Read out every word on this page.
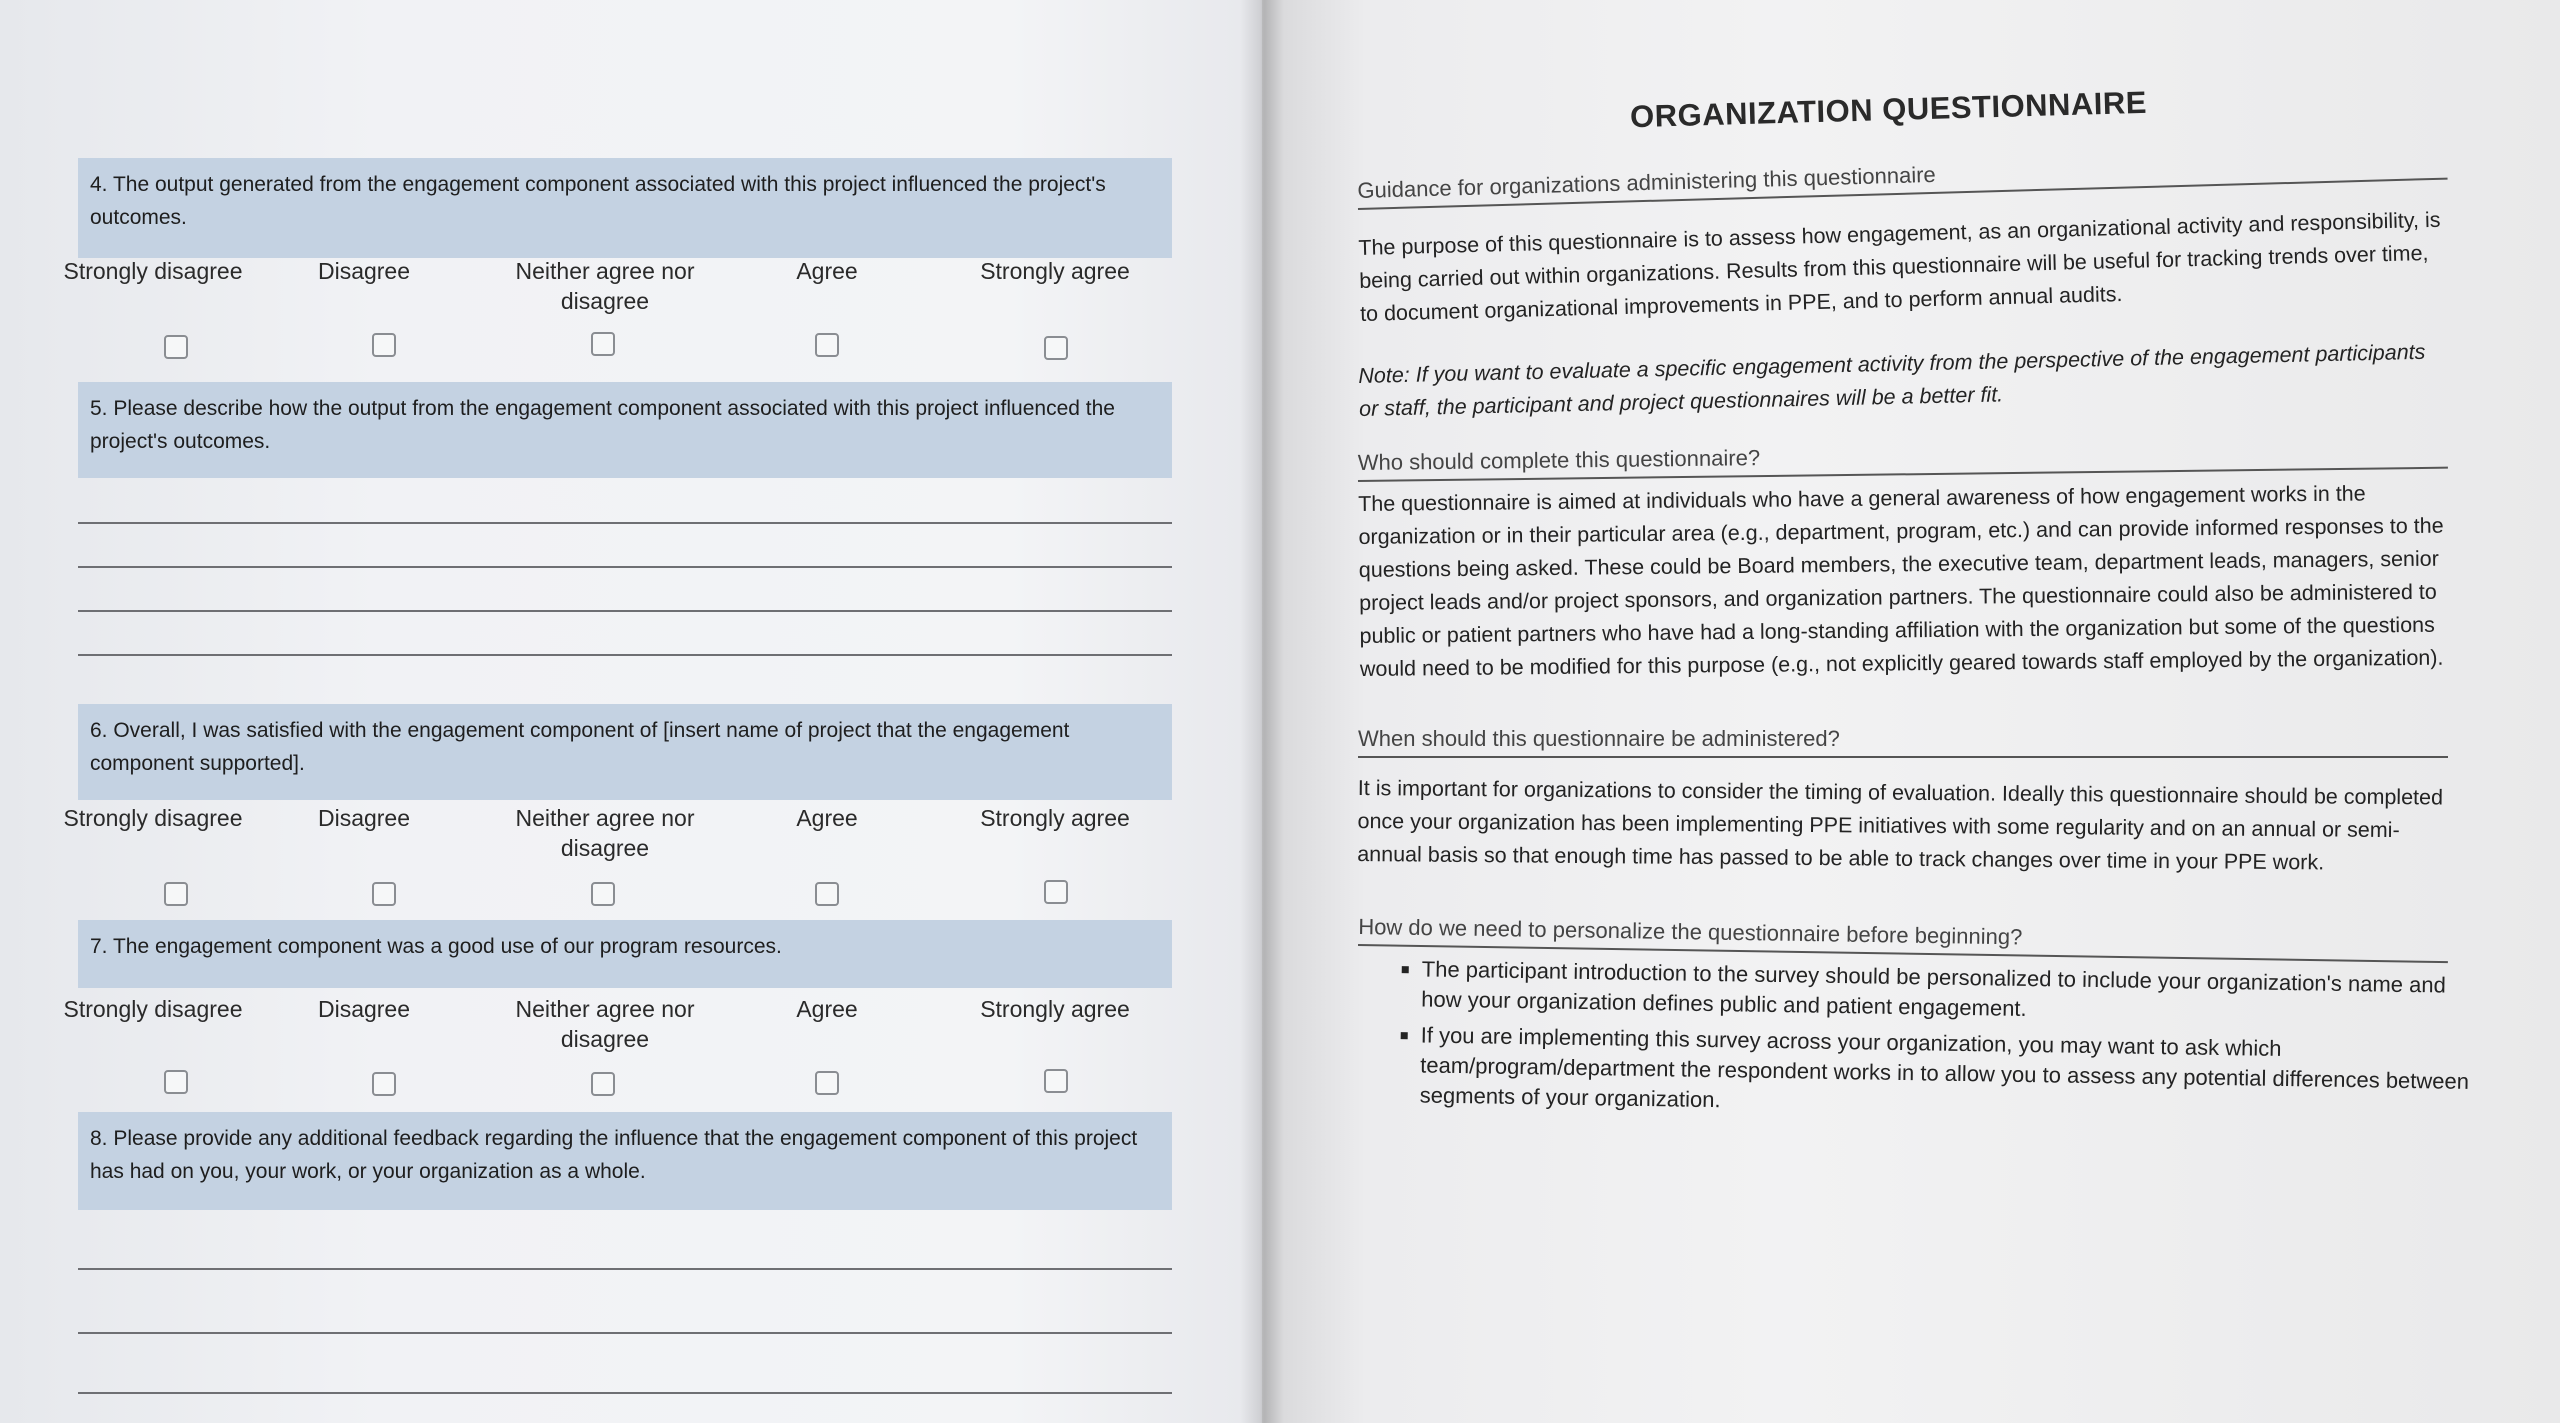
4. The output generated from the engagement component associated with this project influenced the project's outcomes.
Strongly disagree	Disagree	Neither agree nor disagree
Agree	Strongly agree
5. Please describe how the output from the engagement component associated with this project influenced the project's outcomes.
6. Overall, I was satisfied with the engagement component of [insert name of project that the engagement component supported].
Strongly disagree	Disagree	Neither agree nor disagree
Agree	Strongly agree
7. The engagement component was a good use of our program resources.
Strongly disagree	Disagree	Neither agree nor disagree
Agree	Strongly agree
8. Please provide any additional feedback regarding the influence that the engagement component of this project has had on you, your work, or your organization as a whole.
ORGANIZATION QUESTIONNAIRE
Guidance for organizations administering this questionnaire
The purpose of this questionnaire is to assess how engagement, as an organizational activity and responsibility, is being carried out within organizations. Results from this questionnaire will be useful for tracking trends over time, to document organizational improvements in PPE, and to perform annual audits.
Note: If you want to evaluate a specific engagement activity from the perspective of the engagement participants or staff, the participant and project questionnaires will be a better fit.
Who should complete this questionnaire?
The questionnaire is aimed at individuals who have a general awareness of how engagement works in the organization or in their particular area (e.g., department, program, etc.) and can provide informed responses to the questions being asked. These could be Board members, the executive team, department leads, managers, senior project leads and/or project sponsors, and organization partners. The questionnaire could also be administered to public or patient partners who have had a long-standing affiliation with the organization but some of the questions would need to be modified for this purpose (e.g., not explicitly geared towards staff employed by the organization).
When should this questionnaire be administered?
It is important for organizations to consider the timing of evaluation. Ideally this questionnaire should be completed once your organization has been implementing PPE initiatives with some regularity and on an annual or semi-annual basis so that enough time has passed to be able to track changes over time in your PPE work.
How do we need to personalize the questionnaire before beginning?
▪ The participant introduction to the survey should be personalized to include your organization's name and how your organization defines public and patient engagement.
▪ If you are implementing this survey across your organization, you may want to ask which team/program/department the respondent works in to allow you to assess any potential differences between segments of your organization.
